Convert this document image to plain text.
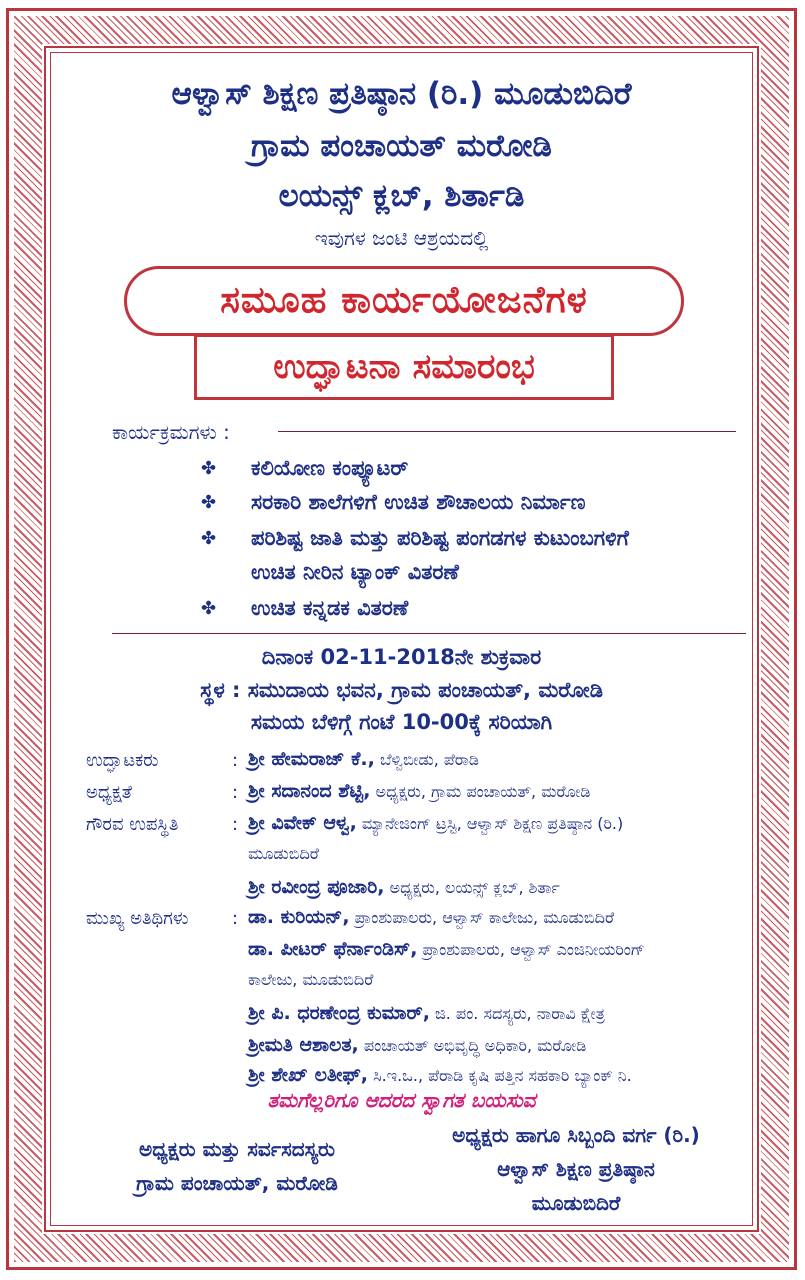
ಆಳ್ವಾಸ್ ಶಿಕ್ಷಣ ಪ್ರತಿಷ್ಠಾನ (ರಿ.) ಮೂಡುಬಿದಿರೆ
ಗ್ರಾಮ ಪಂಚಾಯತ್ ಮರೋಡಿ
ಲಯನ್ಸ್ ಕ್ಲಬ್, ಶಿರ್ತಾಡಿ
ಇವುಗಳ ಜಂಟಿ ಆಶ್ರಯದಲ್ಲಿ
ಸಮೂಹ ಕಾರ್ಯಯೋಜನೆಗಳ
ಉದ್ಘಾಟನಾ ಸಮಾರಂಭ
ಕಾರ್ಯಕ್ರಮಗಳು :
✤ ಕಲಿಯೋಣ ಕಂಪ್ಯೂಟರ್
✤ ಸರಕಾರಿ ಶಾಲೆಗಳಿಗೆ ಉಚಿತ ಶೌಚಾಲಯ ನಿರ್ಮಾಣ
✤ ಪರಿಶಿಷ್ಟ ಜಾತಿ ಮತ್ತು ಪರಿಶಿಷ್ಟ ಪಂಗಡಗಳ ಕುಟುಂಬಗಳಿಗೆ
ಉಚಿತ ನೀರಿನ ಟ್ಯಾಂಕ್ ವಿತರಣೆ
✤ ಉಚಿತ ಕನ್ನಡಕ ವಿತರಣೆ
ದಿನಾಂಕ 02-11-2018ನೇ ಶುಕ್ರವಾರ
ಸ್ಥಳ : ಸಮುದಾಯ ಭವನ, ಗ್ರಾಮ ಪಂಚಾಯತ್, ಮರೋಡಿ
ಸಮಯ ಬೆಳಿಗ್ಗೆ ಗಂಟೆ 10-00ಕ್ಕೆ ಸರಿಯಾಗಿ
ಉದ್ಘಾಟಕರು	: ಶ್ರೀ ಹೇಮರಾಜ್ ಕೆ., ಬೆಳ್ವಿಬೀಡು, ಪೆರಾಡಿ
ಅಧ್ಯಕ್ಷತೆ	: ಶ್ರೀ ಸದಾನಂದ ಶೆಟ್ಟಿ, ಅಧ್ಯಕ್ಷರು, ಗ್ರಾಮ ಪಂಚಾಯತ್, ಮರೋಡಿ
ಗೌರವ ಉಪಸ್ಥಿತಿ	: ಶ್ರೀ ವಿವೇಕ್ ಆಳ್ವ, ಮ್ಯಾನೇಜಿಂಗ್ ಟ್ರಸ್ಟಿ, ಆಳ್ವಾಸ್ ಶಿಕ್ಷಣ ಪ್ರತಿಷ್ಠಾನ (ರಿ.)
ಮೂಡುಬಿದಿರೆ
ಶ್ರೀ ರವೀಂದ್ರ ಪೂಜಾರಿ, ಅಧ್ಯಕ್ಷರು, ಲಯನ್ಸ್ ಕ್ಲಬ್, ಶಿರ್ತಾ
ಮುಖ್ಯ ಅತಿಥಿಗಳು : ಡಾ. ಕುರಿಯನ್, ಪ್ರಾಂಶುಪಾಲರು, ಆಳ್ವಾಸ್ ಕಾಲೇಜು, ಮೂಡುಬಿದಿರೆ
ಡಾ. ಪೀಟರ್ ಫೆರ್ನಾಂಡಿಸ್, ಪ್ರಾಂಶುಪಾಲರು, ಆಳ್ವಾಸ್ ಎಂಜಿನೀಯರಿಂಗ್
ಕಾಲೇಜು, ಮೂಡುಬಿದಿರೆ
ಶ್ರೀ ಪಿ. ಧರಣೇಂದ್ರ ಕುಮಾರ್, ಜಿ. ಪಂ. ಸದಸ್ಯರು, ನಾರಾವಿ ಕ್ಷೇತ್ರ
ಶ್ರೀಮತಿ ಆಶಾಲತ, ಪಂಚಾಯತ್ ಅಭಿವೃದ್ಧಿ ಅಧಿಕಾರಿ, ಮರೋಡಿ
ಶ್ರೀ ಶೇಖ್ ಲತೀಫ್, ಸಿ.ಇ.ಒ., ಪೆರಾಡಿ ಕೃಷಿ ಪತ್ತಿನ ಸಹಕಾರಿ ಬ್ಯಾಂಕ್ ನಿ.
ತಮಗೆಲ್ಲರಿಗೂ ಆದರದ ಸ್ವಾಗತ ಬಯಸುವ
ಅಧ್ಯಕ್ಷರು ಮತ್ತು ಸರ್ವಸದಸ್ಯರು
ಗ್ರಾಮ ಪಂಚಾಯತ್, ಮರೋಡಿ
ಅಧ್ಯಕ್ಷರು ಹಾಗೂ ಸಿಬ್ಬಂದಿ ವರ್ಗ (ರಿ.)
ಆಳ್ವಾಸ್ ಶಿಕ್ಷಣ ಪ್ರತಿಷ್ಠಾನ
ಮೂಡುಬಿದಿರೆ
